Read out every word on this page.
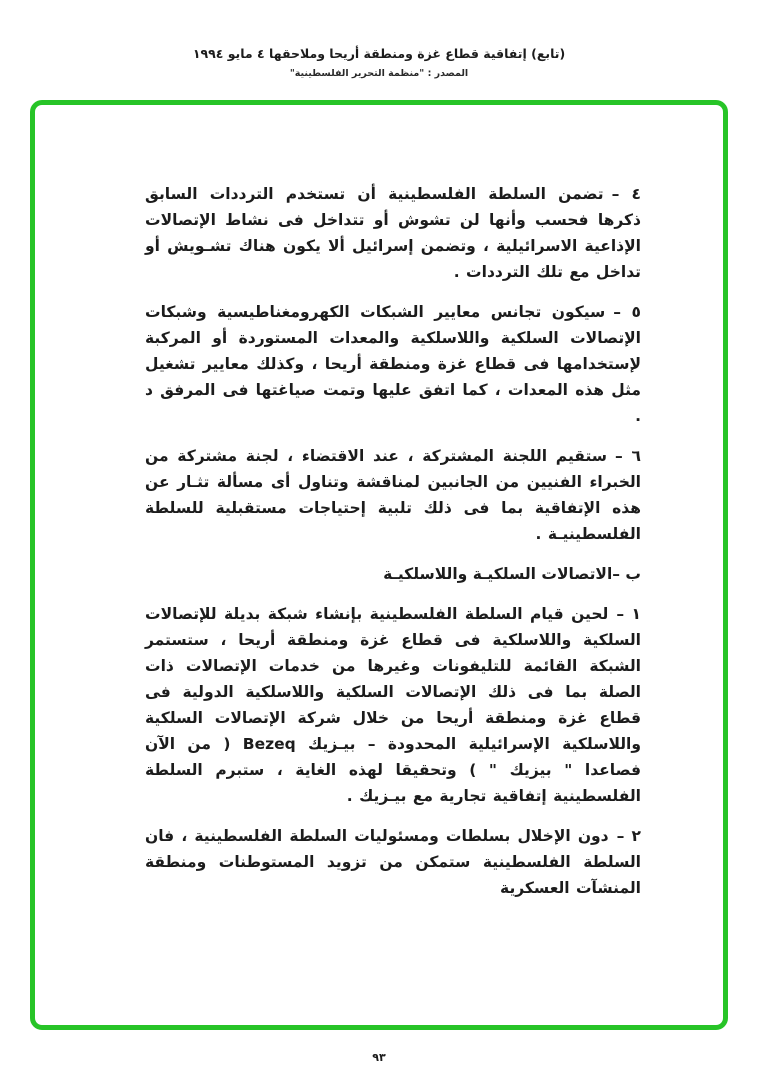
(تابع) إتفاقية قطاع غزة ومنطقة أريحا وملاحقها ٤ مايو ١٩٩٤
المصدر : "منظمة التحرير الفلسطينية"

٤ –تضمن السلطة الفلسطينية أن تستخدم الترددات السابق ذكرها فحسب وأنها لن تشوش أو تتداخل فى نشاط الإتصالات الإذاعية الاسرائيلية ، وتضمن إسرائيل ألا يكون هناك تشـويش أو تداخل مع تلك الترددات .

٥ –سيكون تجانس معايير الشبكات الكهرومغناطيسية وشبكات الإتصالات السلكية واللاسلكية والمعدات المستوردة أو المركبة لإستخدامها فى قطاع غزة ومنطقة أريحا ، وكذلك معايير تشغيل مثل هذه المعدات ، كما اتفق عليها وتمت صياغتها فى المرفق د .

٦ –ستقيم اللجنة المشتركة ، عند الاقتضاء ، لجنة مشتركة من الخبراء الفنيين من الجانبين لمناقشة وتناول أى مسألة تثـار عن هذه الإتفاقية بما فى ذلك تلبية إحتياجات مستقبلية للسلطة الفلسطينيـة .

ب –الاتصالات السلكيـة واللاسلكيـة

١ –لحين قيام السلطة الفلسطينية بإنشاء شبكة بديلة للإتصالات السلكية واللاسلكية فى قطاع غزة ومنطقة أريحا ، ستستمر الشبكة القائمة للتليفونات وغيرها من خدمات الإتصالات ذات الصلة بما فى ذلك الإتصالات السلكية واللاسلكية الدولية فى قطاع غزة ومنطقة أريحا من خلال شركة الإتصالات السلكية واللاسلكية الإسرائيلية المحدودة – بيـزيك Bezeq ( من الآن فصاعدا " بيزيك " ) وتحقيقا لهذه الغاية ، ستبرم السلطة الفلسطينية إتفاقية تجارية مع بيـزيك .

٢ –دون الإخلال بسلطات ومسئوليات السلطة الفلسطينية ، فان السلطة الفلسطينية ستمكن من تزويد المستوطنات ومنطقة المنشآت العسكرية

٩٣
